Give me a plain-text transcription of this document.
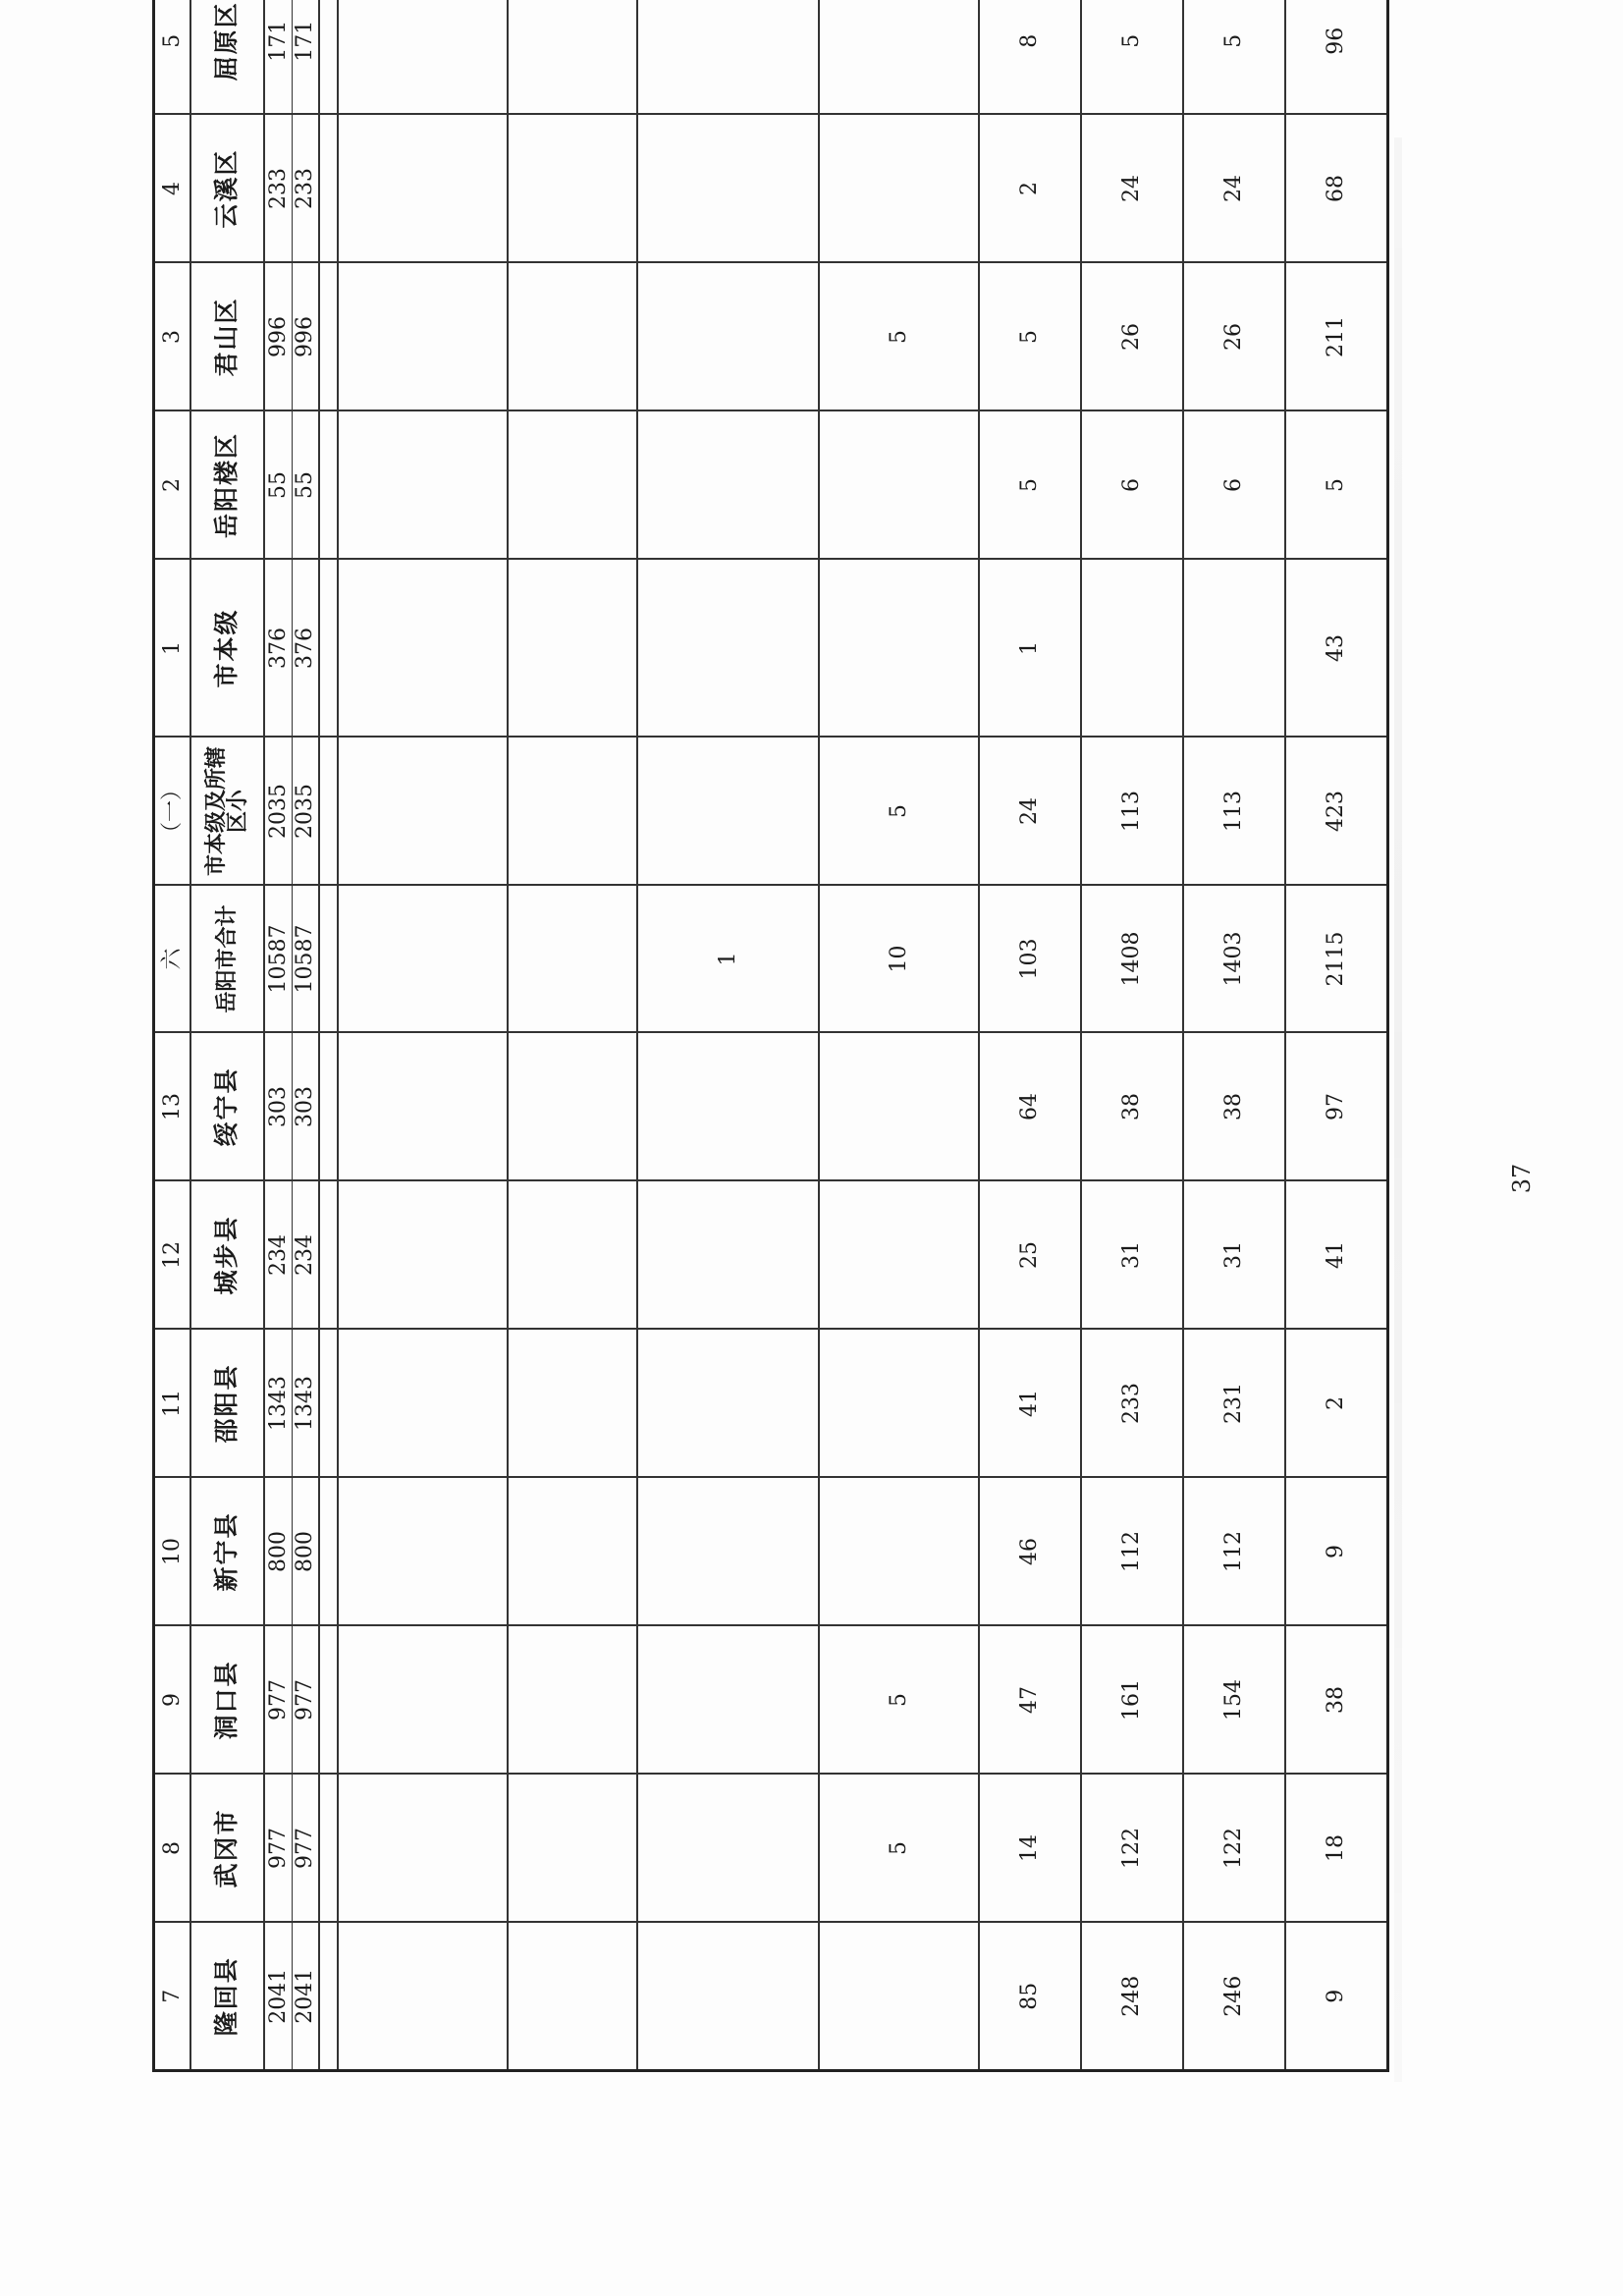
7	8	9	10	11	12	13	六	（一）	1	2	3	4	5
隆回县	武冈市	洞口县	新宁县	邵阳县	城步县	绥宁县	岳阳市合计	市本级及所辖区小	市本级	岳阳楼区	君山区	云溪区	屈原区
2041	977	977	800	1343	234	303	10587	2035	376	55	996	233	171
2041	977	977	800	1343	234	303	10587	2035	376	55	996	233	171

							1						
	5	5					10	5			5		
85	14	47	46	41	25	64	103	24	1	5	5	2	8
248	122	161	112	233	31	38	1408	113		6	26	24	5
246	122	154	112	231	31	38	1403	113		6	26	24	5
9	18	38	9	2	41	97	2115	423	43	5	211	68	96
37
